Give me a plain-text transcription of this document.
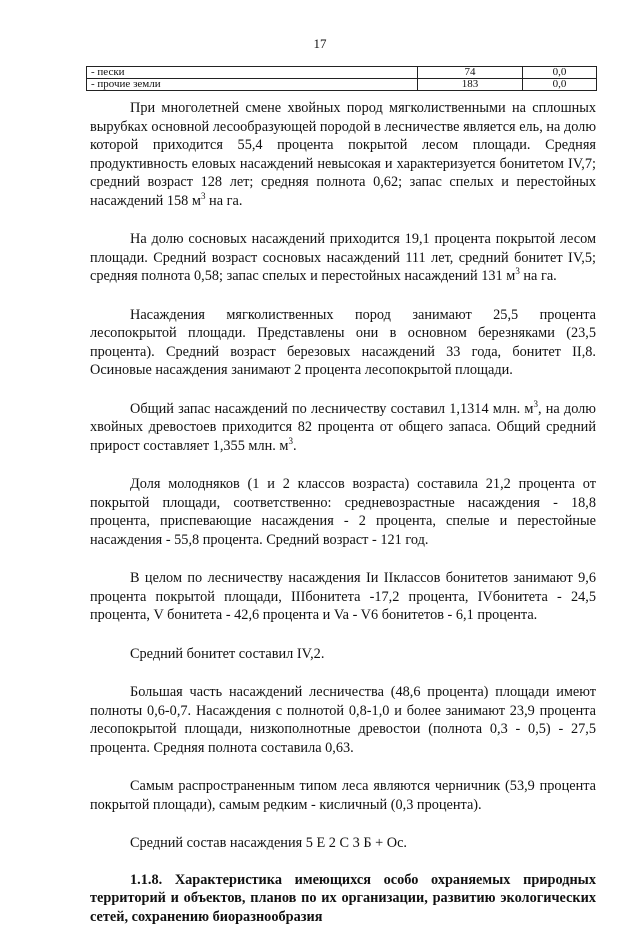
17
- пески	74	0,0
- прочие земли	183	0,0

При многолетней смене хвойных пород мягколиственными на сплошных вырубках основной лесообразующей породой в лесничестве является ель, на долю которой приходится 55,4 процента покрытой лесом площади. Средняя продуктивность еловых насаждений невысокая и характеризуется бонитетом IV,7; средний возраст 128 лет; средняя полнота 0,62; запас спелых и перестойных насаждений 158 $м^3$ на га.

На долю сосновых насаждений приходится 19,1 процента покрытой лесом площади. Средний возраст сосновых насаждений 111 лет, средний бонитет IV,5; средняя полнота 0,58; запас спелых и перестойных насаждений 131 $м^3$ на га.

Насаждения мягколиственных пород занимают 25,5 процента лесопокрытой площади. Представлены они в основном березняками (23,5 процента). Средний возраст березовых насаждений 33 года, бонитет II,8. Осиновые насаждения занимают 2 процента лесопокрытой площади.

Общий запас насаждений по лесничеству составил 1,1314 млн. $м^3$, на долю хвойных древостоев приходится 82 процента от общего запаса. Общий средний прирост составляет 1,355 млн. $м^3$.

Доля молодняков (1 и 2 классов возраста) составила 21,2 процента от покрытой площади, соответственно: средневозрастные насаждения - 18,8 процента, приспевающие насаждения - 2 процента, спелые и перестойные насаждения - 55,8 процента. Средний возраст - 121 год.

В целом по лесничеству насаждения Iи IIклассов бонитетов занимают 9,6 процента покрытой площади, IIIбонитета -17,2 процента, IVбонитета - 24,5 процента, V бонитета - 42,6 процента и Va - V6 бонитетов - 6,1 процента.

Средний бонитет составил IV,2.

Большая часть насаждений лесничества (48,6 процента) площади имеют полноты 0,6-0,7. Насаждения с полнотой 0,8-1,0 и более занимают 23,9 процента лесопокрытой площади, низкополнотные древостои (полнота 0,3 - 0,5) - 27,5 процента. Средняя полнота составила 0,63.

Самым распространенным типом леса являются черничник (53,9 процента покрытой площади), самым редким - кисличный (0,3 процента).

Средний состав насаждения 5 Е 2 С 3 Б + Ос.

1.1.8. Характеристика имеющихся особо охраняемых природных территорий и объектов, планов по их организации, развитию экологических сетей, сохранению биоразнообразия
